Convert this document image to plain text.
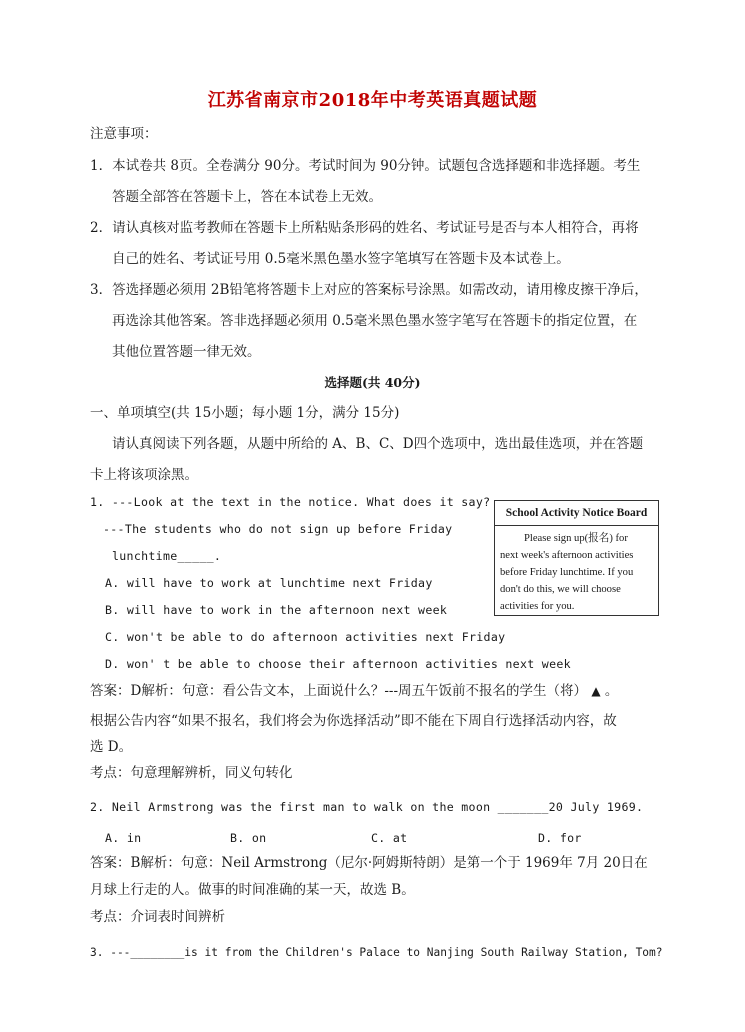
江苏省南京市2018年中考英语真题试题
注意事项：
1．本试卷共 8页。全卷满分 90分。考试时间为 90分钟。试题包含选择题和非选择题。考生
答题全部答在答题卡上，答在本试卷上无效。
2．请认真核对监考教师在答题卡上所粘贴条形码的姓名、考试证号是否与本人相符合，再将
自己的姓名、考试证号用 0.5毫米黑色墨水签字笔填写在答题卡及本试卷上。
3．答选择题必须用 2B铅笔将答题卡上对应的答案标号涂黑。如需改动，请用橡皮擦干净后，
再选涂其他答案。答非选择题必须用 0.5毫米黑色墨水签字笔写在答题卡的指定位置，在
其他位置答题一律无效。
选择题(共 40分)
一、单项填空(共 15小题；每小题 1分，满分 15分)
请认真阅读下列各题，从题中所给的 A、B、C、D四个选项中，选出最佳选项，并在答题
卡上将该项涂黑。
1. ---Look at the text in the notice. What does it say?
---The students who do not sign up before Friday
lunchtime_____.
A. will have to work at lunchtime next Friday
B. will have to work in the afternoon next week
C. won't be able to do afternoon activities next Friday
D. won' t be able to choose their afternoon activities next week
School Activity Notice Board
Please sign up(报名) for
next week's afternoon activities
before Friday lunchtime. If you
don't do this, we will choose
activities for you.
答案：D解析：句意：看公告文本，上面说什么？---周五午饭前不报名的学生（将） ▲ 。
根据公告内容“如果不报名，我们将会为你选择活动”即不能在下周自行选择活动内容，故
选 D。
考点：句意理解辨析，同义句转化
2. Neil Armstrong was the first man to walk on the moon _______20 July 1969.
A. in	B. on	C. at	D. for
答案：B解析：句意：Neil Armstrong（尼尔·阿姆斯特朗）是第一个于 1969年 7月 20日在
月球上行走的人。做事的时间准确的某一天，故选 B。
考点：介词表时间辨析
3. ---________is it from the Children's Palace to Nanjing South Railway Station, Tom?
